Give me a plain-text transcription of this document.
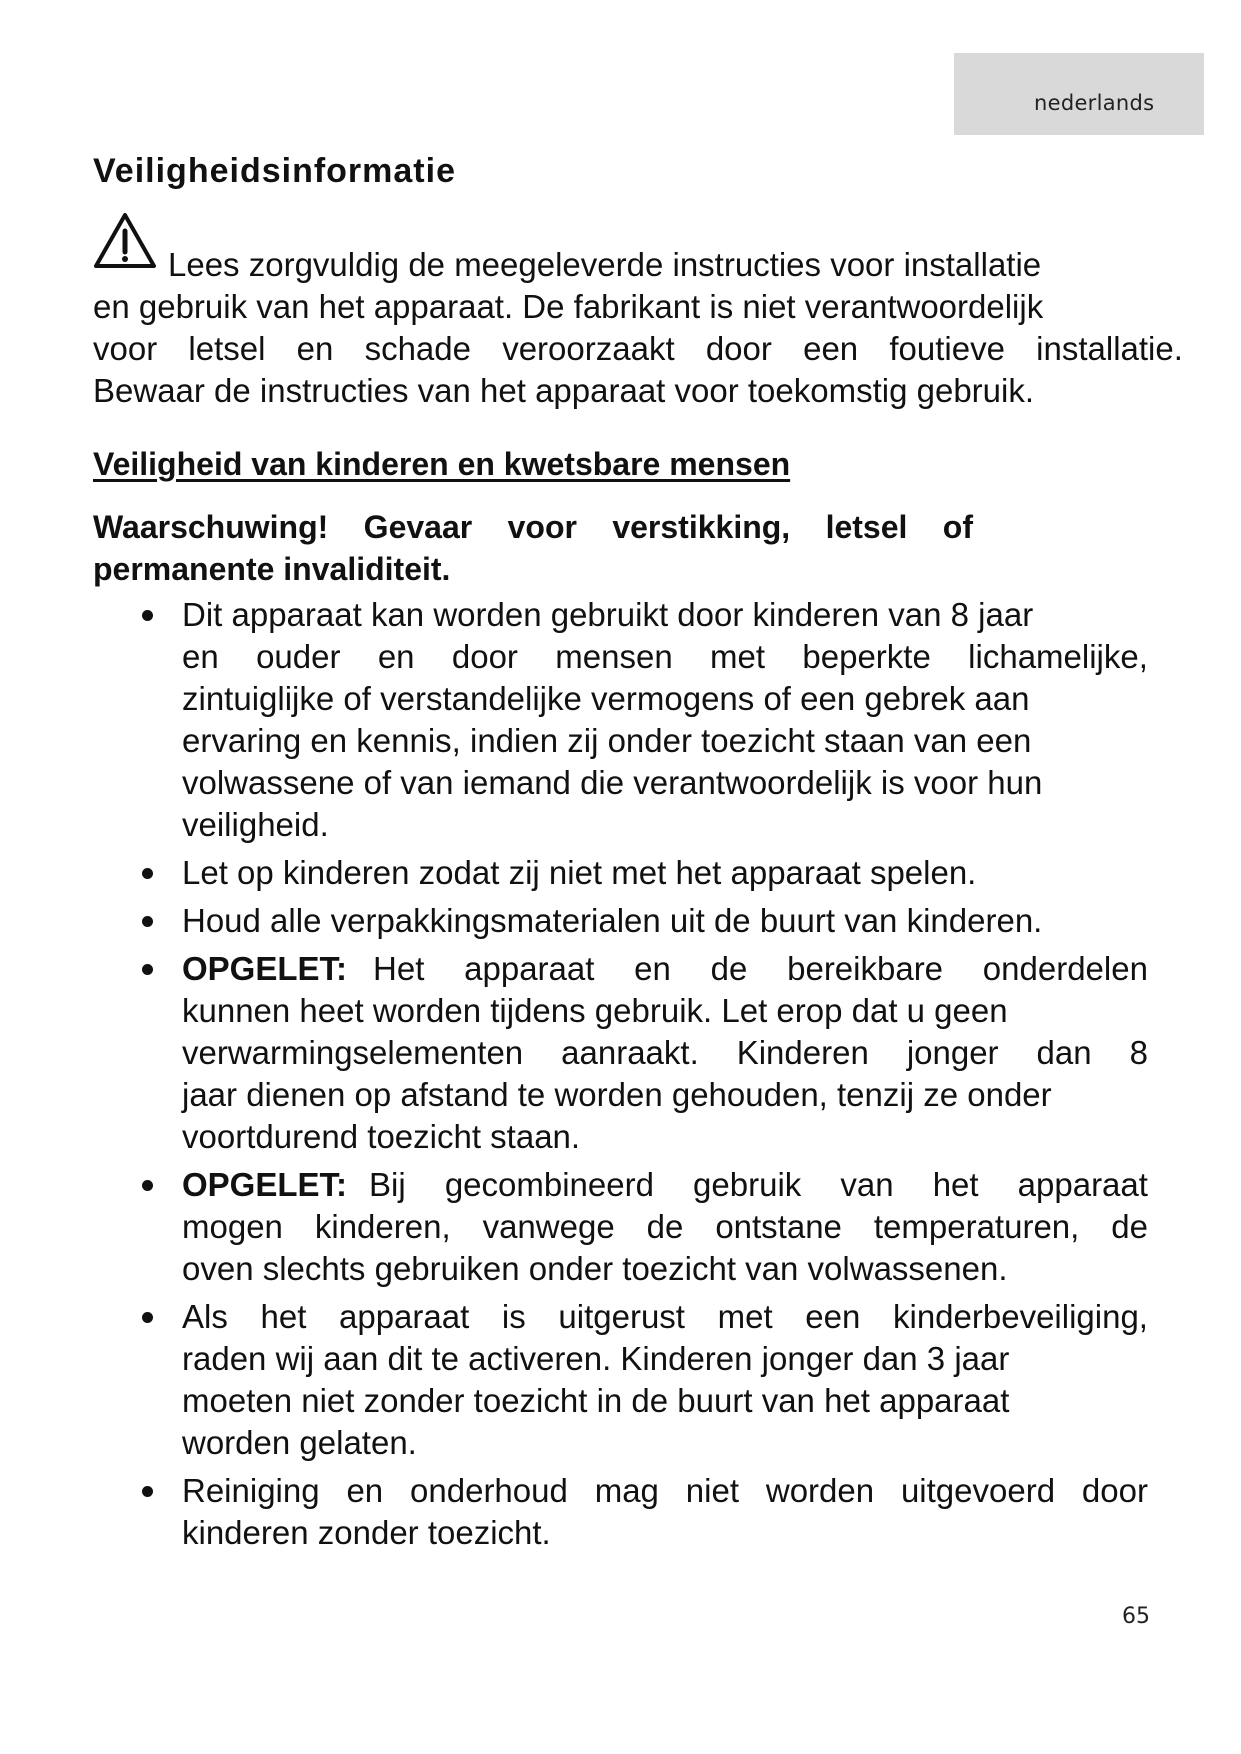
nederlands
Veiligheidsinformatie
Lees zorgvuldig de meegeleverde instructies voor installatie
en gebruik van het apparaat. De fabrikant is niet verantwoordelijk
voor letsel en schade veroorzaakt door een foutieve installatie.
Bewaar de instructies van het apparaat voor toekomstig gebruik.
Veiligheid van kinderen en kwetsbare mensen
Waarschuwing! Gevaar voor verstikking, letsel of
permanente invaliditeit.
Dit apparaat kan worden gebruikt door kinderen van 8 jaar
en ouder en door mensen met beperkte lichamelijke,
zintuiglijke of verstandelijke vermogens of een gebrek aan
ervaring en kennis, indien zij onder toezicht staan van een
volwassene of van iemand die verantwoordelijk is voor hun
veiligheid.
Let op kinderen zodat zij niet met het apparaat spelen.
Houd alle verpakkingsmaterialen uit de buurt van kinderen.
OPGELET: Het apparaat en de bereikbare onderdelen
kunnen heet worden tijdens gebruik. Let erop dat u geen
verwarmingselementen aanraakt. Kinderen jonger dan 8
jaar dienen op afstand te worden gehouden, tenzij ze onder
voortdurend toezicht staan.
OPGELET: Bij gecombineerd gebruik van het apparaat
mogen kinderen, vanwege de ontstane temperaturen, de
oven slechts gebruiken onder toezicht van volwassenen.
Als het apparaat is uitgerust met een kinderbeveiliging,
raden wij aan dit te activeren. Kinderen jonger dan 3 jaar
moeten niet zonder toezicht in de buurt van het apparaat
worden gelaten.
Reiniging en onderhoud mag niet worden uitgevoerd door
kinderen zonder toezicht.
65
